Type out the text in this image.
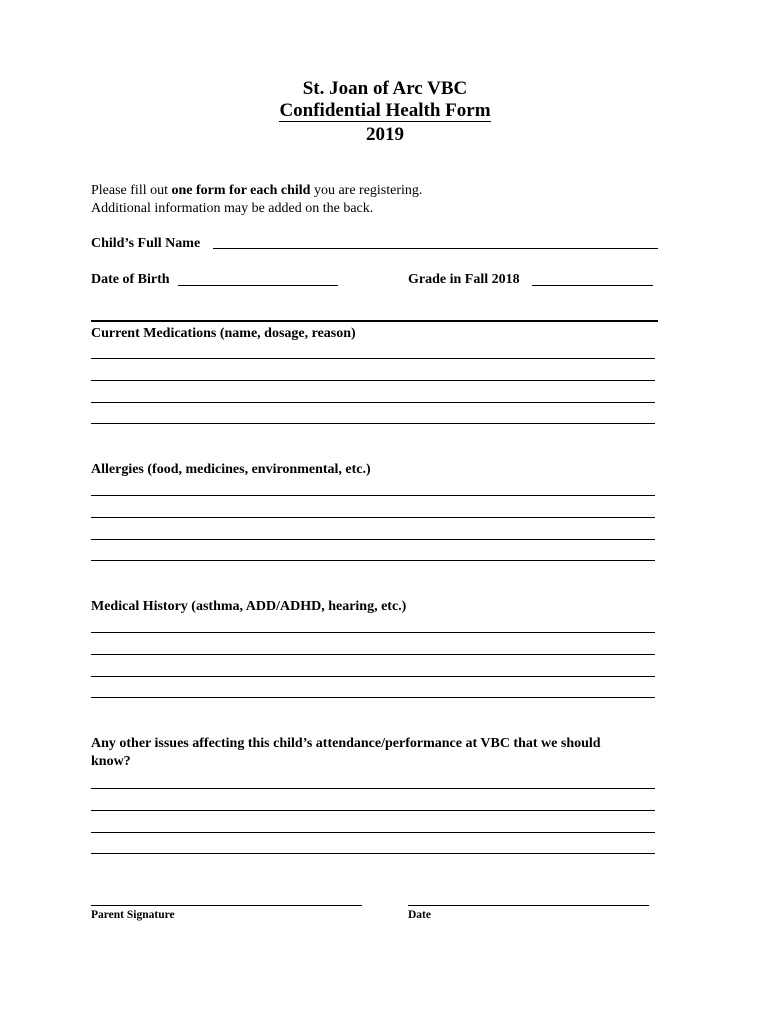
St. Joan of Arc VBC
Confidential Health Form
2019
Please fill out one form for each child you are registering.
Additional information may be added on the back.
Child’s Full Name
Date of Birth	Grade in Fall 2018
Current Medications (name, dosage, reason)
Allergies (food, medicines, environmental, etc.)
Medical History (asthma, ADD/ADHD, hearing, etc.)
Any other issues affecting this child’s attendance/performance at VBC that we should
know?
Parent Signature	Date
